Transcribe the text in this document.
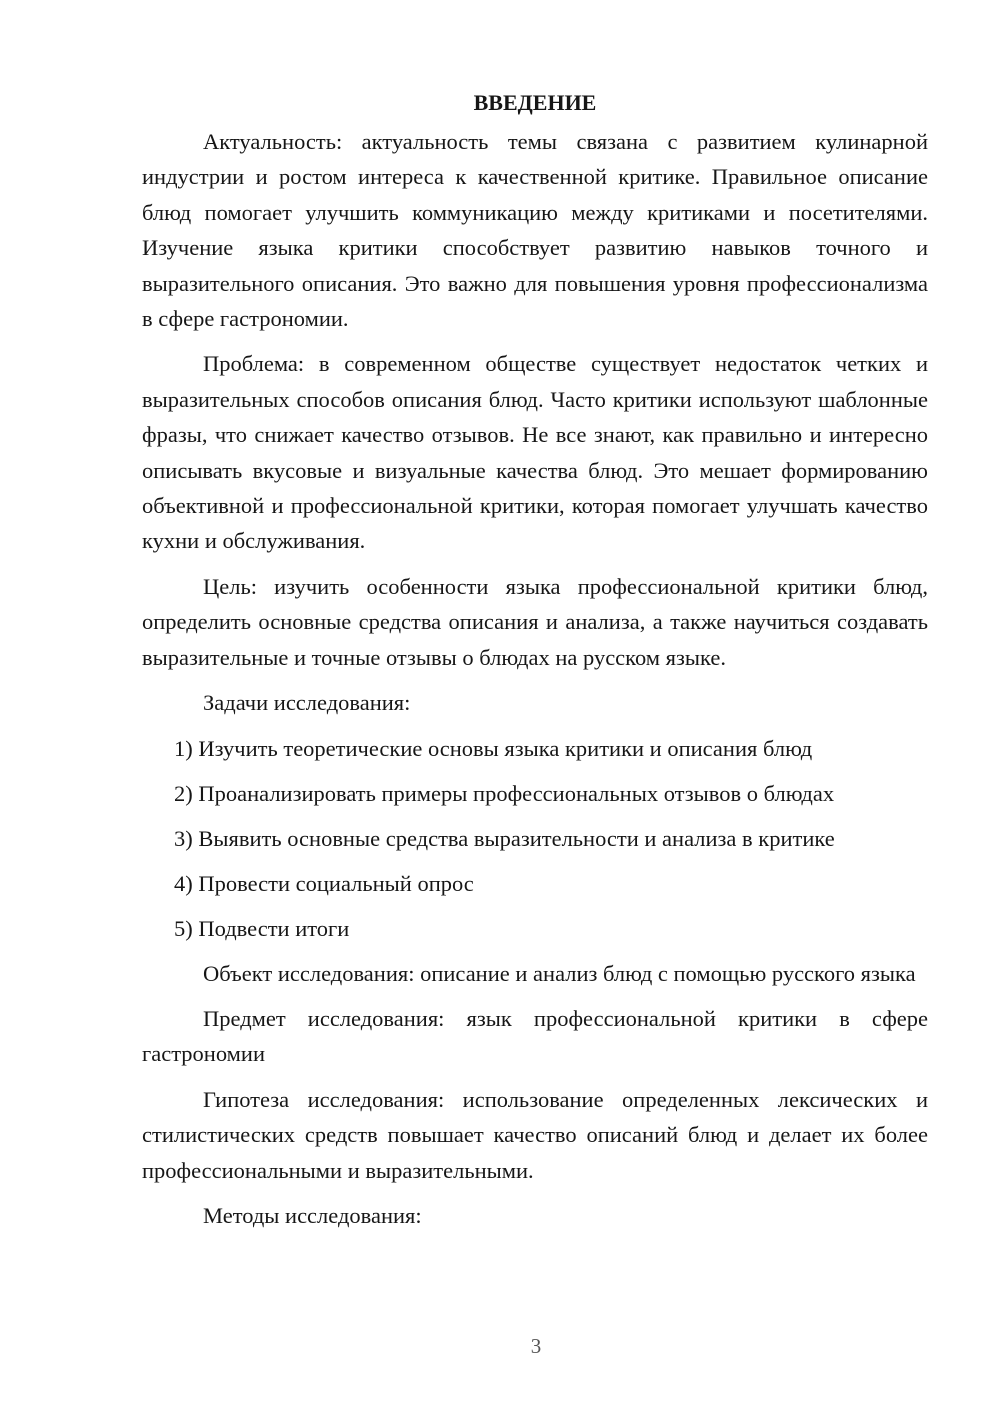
ВВЕДЕНИЕ

Актуальность: актуальность темы связана с развитием кулинарной индустрии и ростом интереса к качественной критике. Правильное описание блюд помогает улучшить коммуникацию между критиками и посетителями. Изучение языка критики способствует развитию навыков точного и выразительного описания. Это важно для повышения уровня профессионализма в сфере гастрономии.

Проблема: в современном обществе существует недостаток четких и выразительных способов описания блюд. Часто критики используют шаблонные фразы, что снижает качество отзывов. Не все знают, как правильно и интересно описывать вкусовые и визуальные качества блюд. Это мешает формированию объективной и профессиональной критики, которая помогает улучшать качество кухни и обслуживания.

Цель: изучить особенности языка профессиональной критики блюд, определить основные средства описания и анализа, а также научиться создавать выразительные и точные отзывы о блюдах на русском языке.

Задачи исследования:
1) Изучить теоретические основы языка критики и описания блюд
2) Проанализировать примеры профессиональных отзывов о блюдах
3) Выявить основные средства выразительности и анализа в критике
4) Провести социальный опрос
5) Подвести итоги

Объект исследования: описание и анализ блюд с помощью русского языка

Предмет исследования: язык профессиональной критики в сфере гастрономии

Гипотеза исследования: использование определенных лексических и стилистических средств повышает качество описаний блюд и делает их более профессиональными и выразительными.

Методы исследования:
3
